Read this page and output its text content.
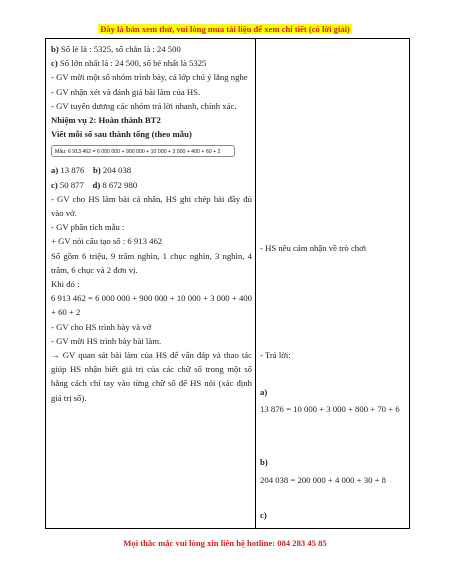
Đây là bản xem thử, vui lòng mua tài liệu để xem chi tiết (có lời giải)
b) Số lẻ là : 5325, số chẵn là : 24 500
c) Số lớn nhất là : 24 500, số bé nhất là 5325
- GV mời một số nhóm trình bày, cả lớp chú ý lắng nghe
- GV nhận xét và đánh giá bài làm của HS.
- GV tuyên dương các nhóm trả lời nhanh, chính xác.
Nhiệm vụ 2: Hoàn thành BT2
Viết mỗi số sau thành tổng (theo mẫu)
Mẫu: 6 913 462 = 6 000 000 + 900 000 + 10 000 + 3 000 + 400 + 60 + 2
a) 13 876 b) 204 038
c) 50 877 d) 8 672 980
- GV cho HS làm bài cá nhân, HS ghi chép bài đầy đủ vào vở.
- GV phân tích mẫu :
+ GV nói cấu tạo số : 6 913 462
Số gồm 6 triệu, 9 trăm nghìn, 1 chục nghìn, 3 nghìn, 4 trăm, 6 chục và 2 đơn vị.
Khi đó :
6 913 462 = 6 000 000 + 900 000 + 10 000 + 3 000 + 400 + 60 + 2
- GV cho HS trình bày và vở
- GV mời HS trình bày bài làm.
→ GV quan sát bài làm của HS để vấn đáp và thao tác giúp HS nhận biết giá trị của các chữ số trong một số bằng cách chỉ tay vào từng chữ số để HS nói (xác định giá trị số).
- HS nêu cảm nhận về trò chơi
- Trả lời:
a)
13 876 = 10 000 + 3 000 + 800 + 70 + 6
b)
204 038 = 200 000 + 4 000 + 30 + 8
c)
Mọi thắc mắc vui lòng xin liên hệ hotline: 084 283 45 85
